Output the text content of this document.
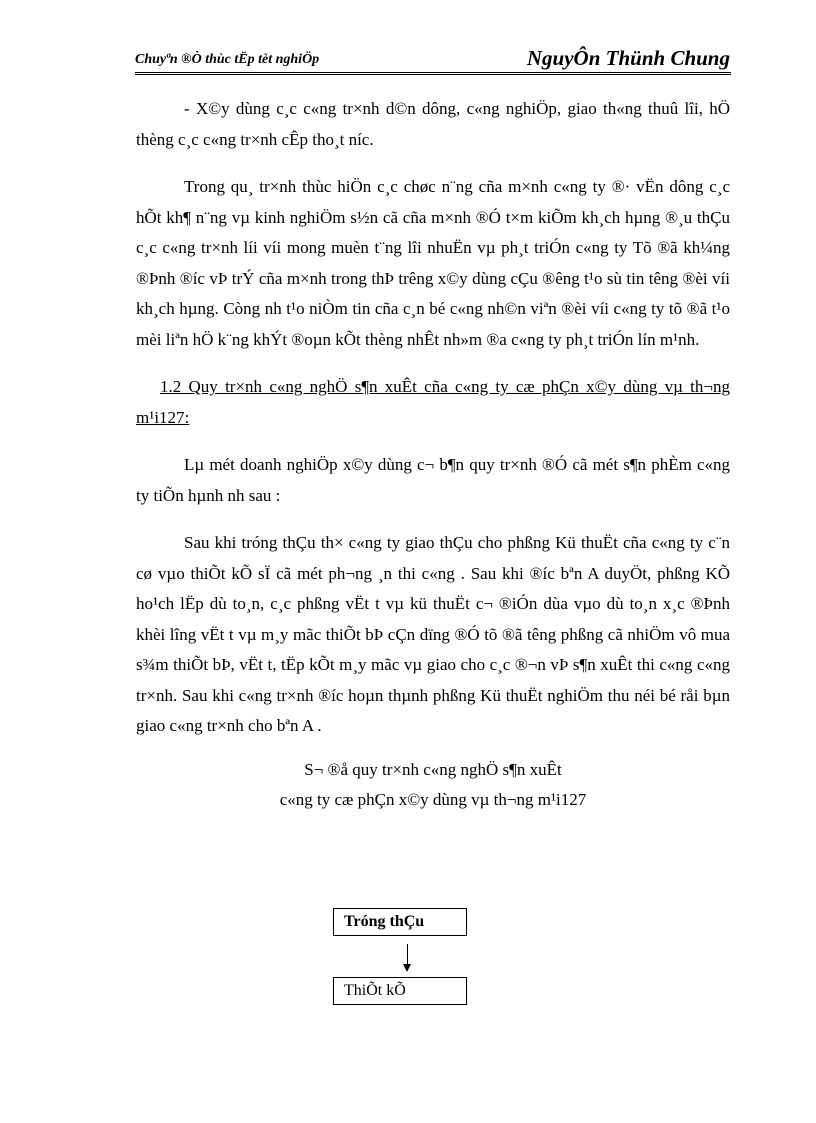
Chuyªn ®Ò thùc tËp tèt nghiÖp	NguyÔn Thünh Chung

- X©y dùng c¸c c«ng tr×nh d©n dông, c«ng nghiÖp, giao th«ng thuû lîi, hÖ thèng c¸c c«ng tr×nh cÊp tho¸t níc.

Trong qu¸ tr×nh thùc hiÖn c¸c chøc n¨ng cña m×nh c«ng ty ®· vËn dông c¸c hÕt kh¶ n¨ng vµ kinh nghiÖm s½n cã cña m×nh ®Ó t×m kiÕm kh¸ch hµng ®¸u thÇu c¸c c«ng tr×nh líi víi mong muèn t¨ng lîi nhuËn vµ ph¸t triÓn c«ng ty Tõ ®ã kh¼ng ®Þnh ®íc vÞ trÝ cña m×nh trong thÞ trêng x©y dùng cÇu ®êng t¹o sù tin têng ®èi víi kh¸ch hµng. Còng nh t¹o niÒm tin cña c¸n bé c«ng nh©n viªn ®èi víi c«ng ty tõ ®ã t¹o mèi liªn hÖ k¨ng khÝt ®oµn kÕt thèng nhÊt nh»m ®a c«ng ty ph¸t triÓn lín m¹nh.

1.2 Quy tr×nh c«ng nghÖ s¶n xuÊt cña c«ng ty cæ phÇn x©y dùng vµ th¬ng m¹i127:

Lµ mét doanh nghiÖp x©y dùng c¬ b¶n quy tr×nh ®Ó cã mét s¶n phÈm c«ng ty tiÕn hµnh nh sau :

Sau khi tróng thÇu th× c«ng ty giao thÇu cho phßng Kü thuËt cña c«ng ty c¨n cø vµo thiÕt kÕ sÏ cã mét ph¬ng ¸n thi c«ng . Sau khi ®íc bªn A duyÖt, phßng KÕ ho¹ch lËp dù to¸n, c¸c phßng vËt t vµ kü thuËt c¬ ®iÓn dùa vµo dù to¸n x¸c ®Þnh khèi lîng vËt t vµ m¸y mãc thiÕt bÞ cÇn dïng ®Ó tõ ®ã têng phßng cã nhiÖm vô mua s¾m thiÕt bÞ, vËt t, tËp kÕt m¸y mãc vµ giao cho c¸c ®¬n vÞ s¶n xuÊt thi c«ng c«ng tr×nh. Sau khi c«ng tr×nh ®íc hoµn thµnh phßng Kü thuËt nghiÖm thu néi bé råi bµn giao c«ng tr×nh cho bªn A .

S¬ ®å quy tr×nh c«ng nghÖ s¶n xuÊt

c«ng ty cæ phÇn x©y dùng vµ th¬ng m¹i127

Tróng thÇu
ThiÕt kÕ
